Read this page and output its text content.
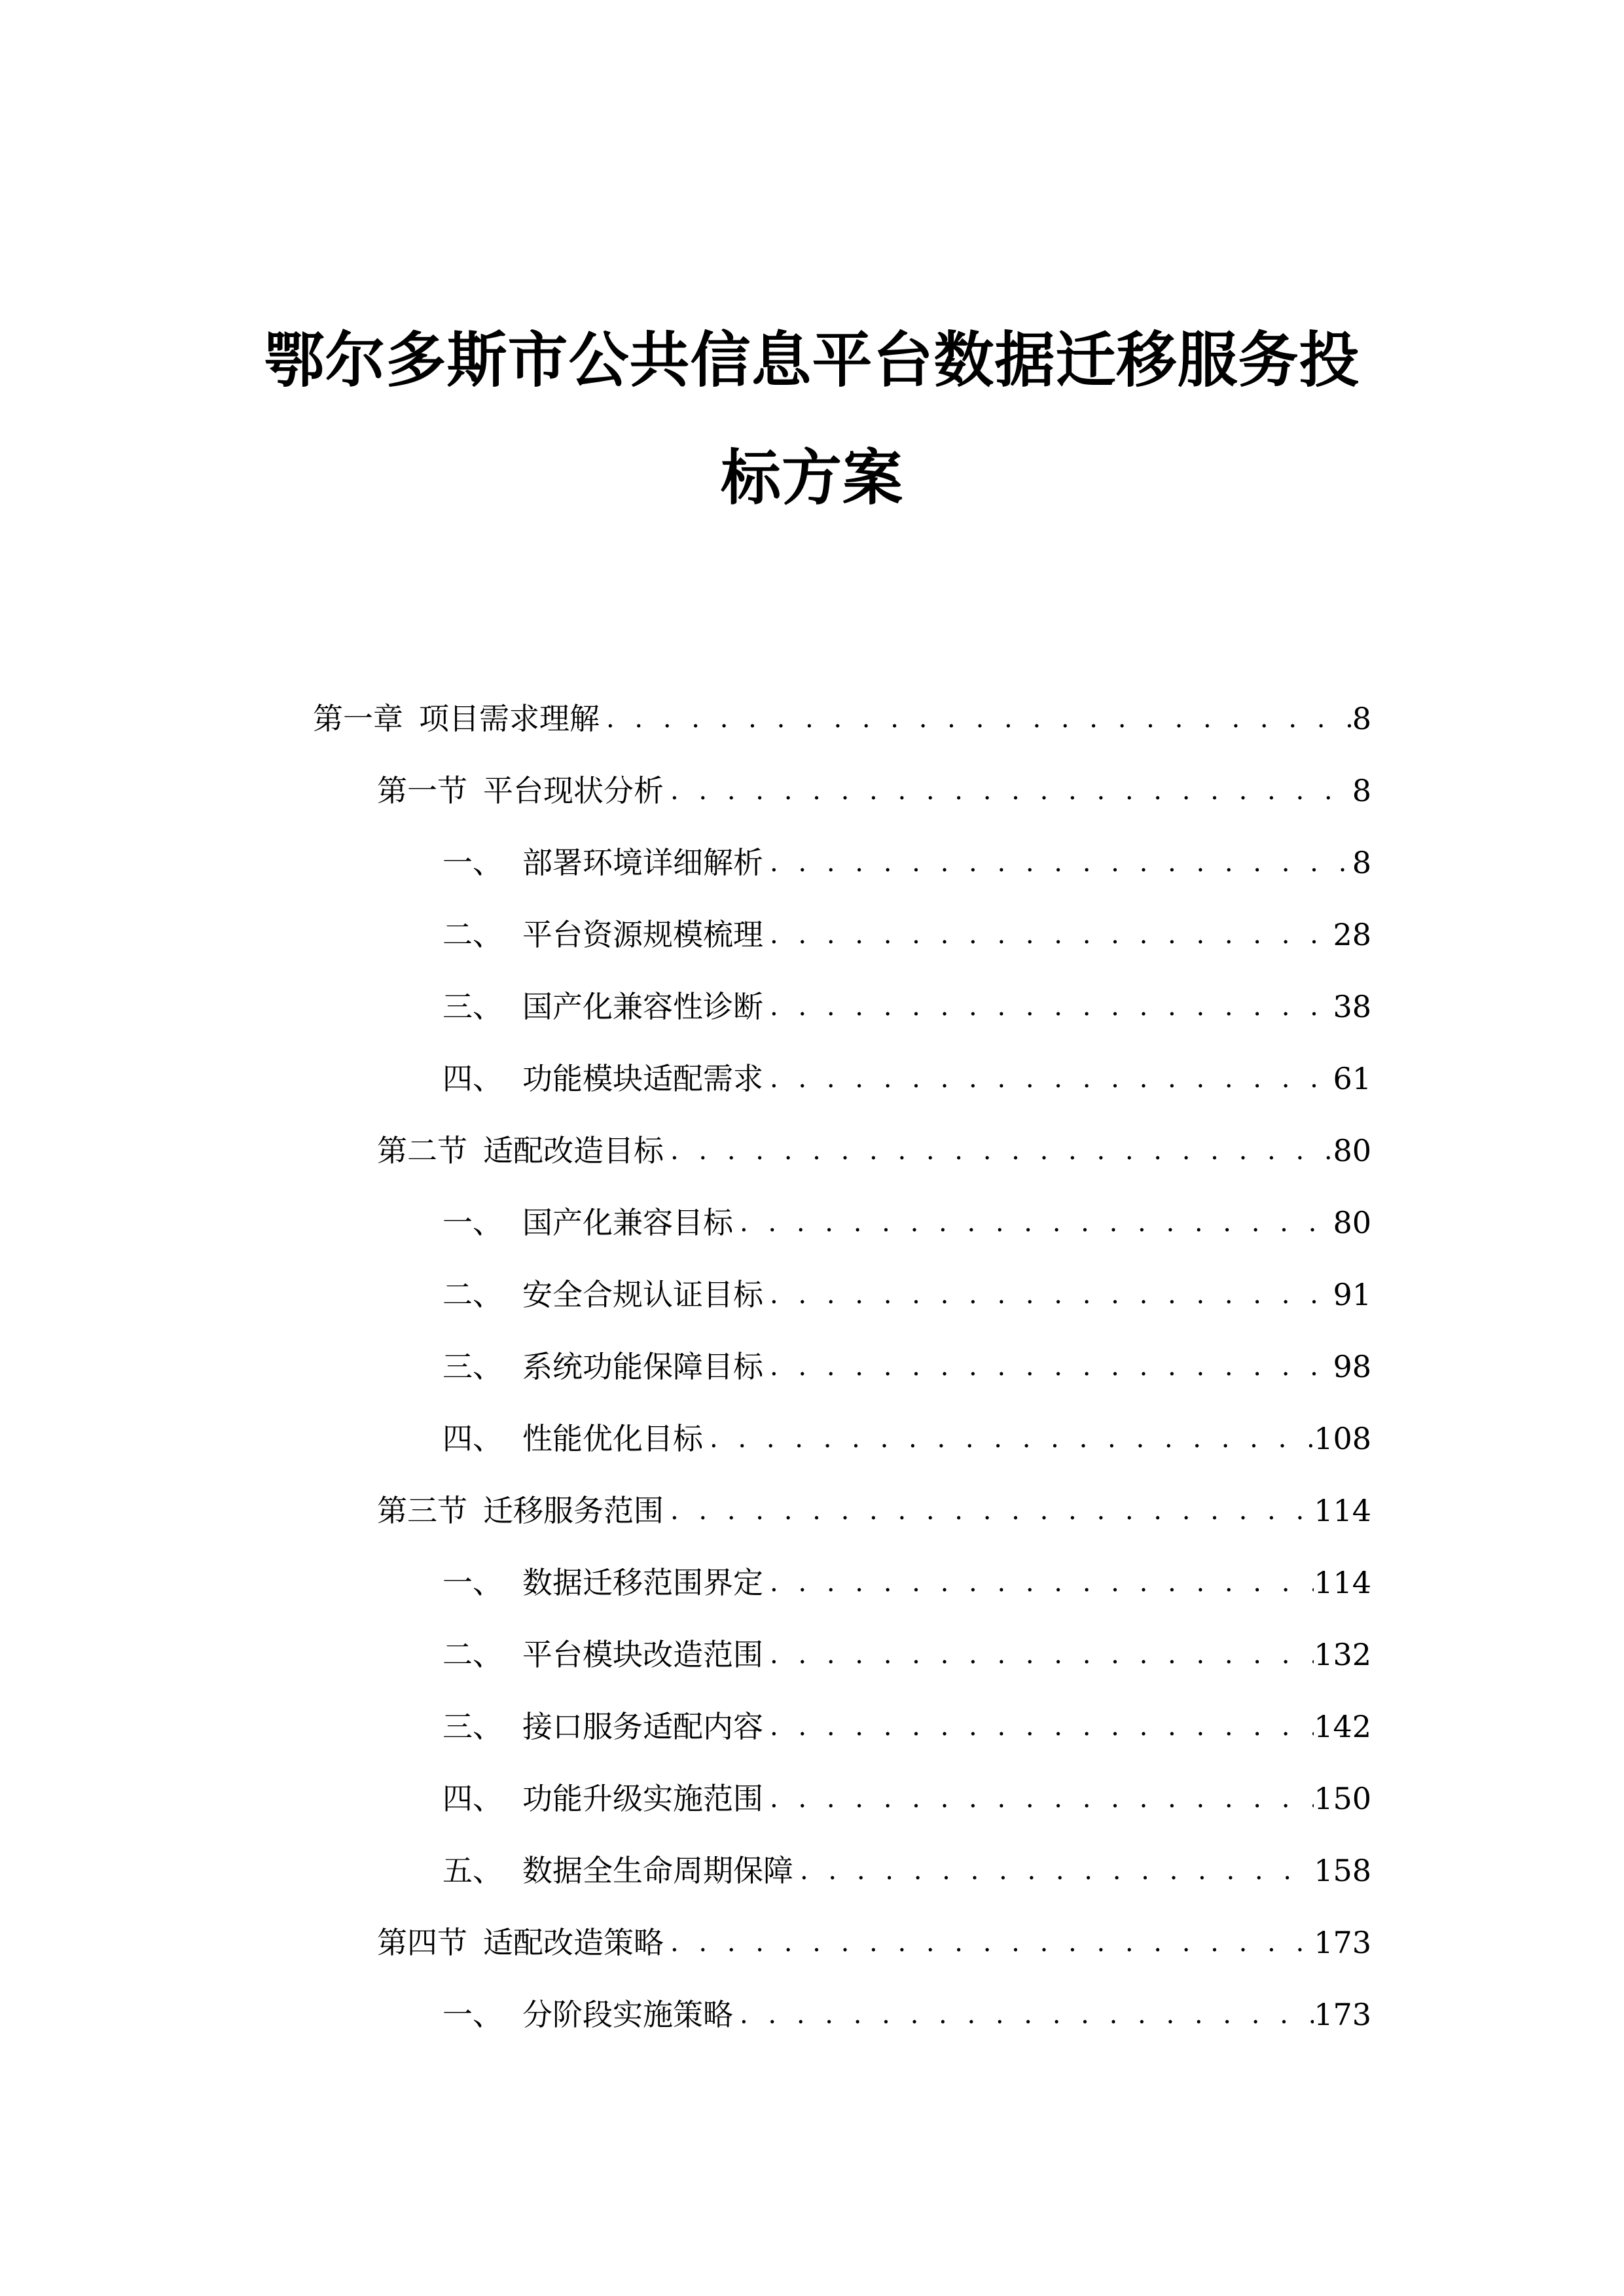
鄂尔多斯市公共信息平台数据迁移服务投
标方案
第一章 项目需求理解 . . .	8
第一节 平台现状分析 . . .	8
一、 部署环境详细解析 . . .	8
二、 平台资源规模梳理 . . .	28
三、 国产化兼容性诊断 . . .	38
四、 功能模块适配需求 . . .	61
第二节 适配改造目标 . . .	80
一、 国产化兼容目标 . . .	80
二、 安全合规认证目标 . . .	91
三、 系统功能保障目标 . . .	98
四、 性能优化目标 . . .	108
第三节 迁移服务范围 . . .	114
一、 数据迁移范围界定 . . .	114
二、 平台模块改造范围 . . .	132
三、 接口服务适配内容 . . .	142
四、 功能升级实施范围 . . .	150
五、 数据全生命周期保障 . . .	158
第四节 适配改造策略 . . .	173
一、 分阶段实施策略 . . .	173
